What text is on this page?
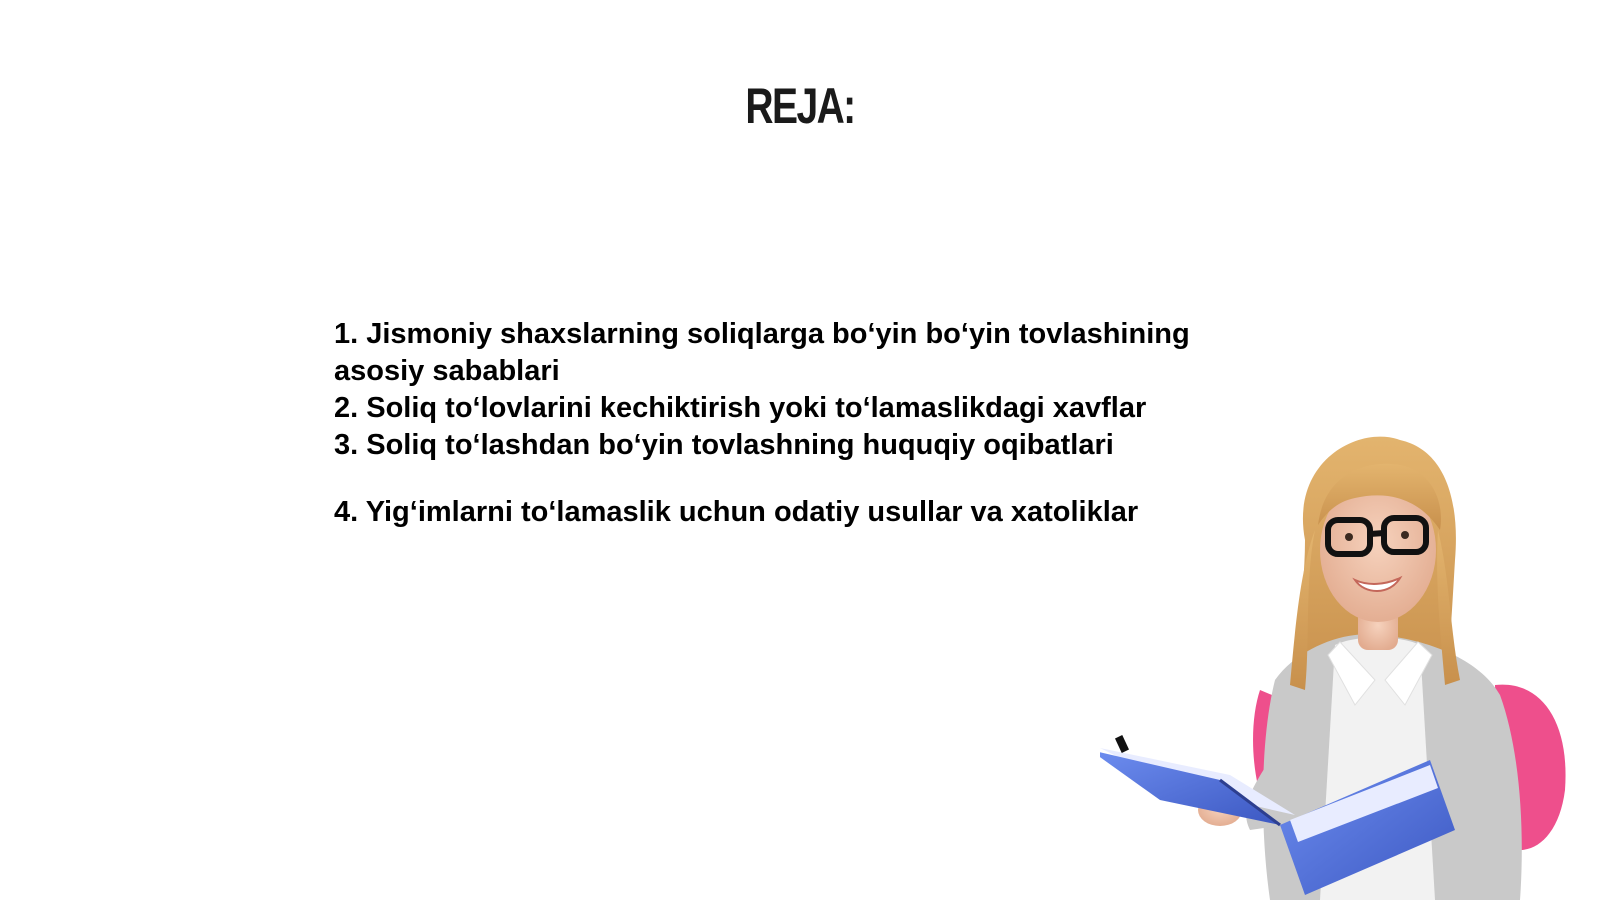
REJA:
1. Jismoniy shaxslarning soliqlarga bo‘yin bo‘yin tovlashining asosiy sabablari
2. Soliq to‘lovlarini kechiktirish yoki to‘lamaslikdagi xavflar
3. Soliq to‘lashdan bo‘yin tovlashning huquqiy oqibatlari
4. Yig‘imlarni to‘lamaslik uchun odatiy usullar va xatoliklar
